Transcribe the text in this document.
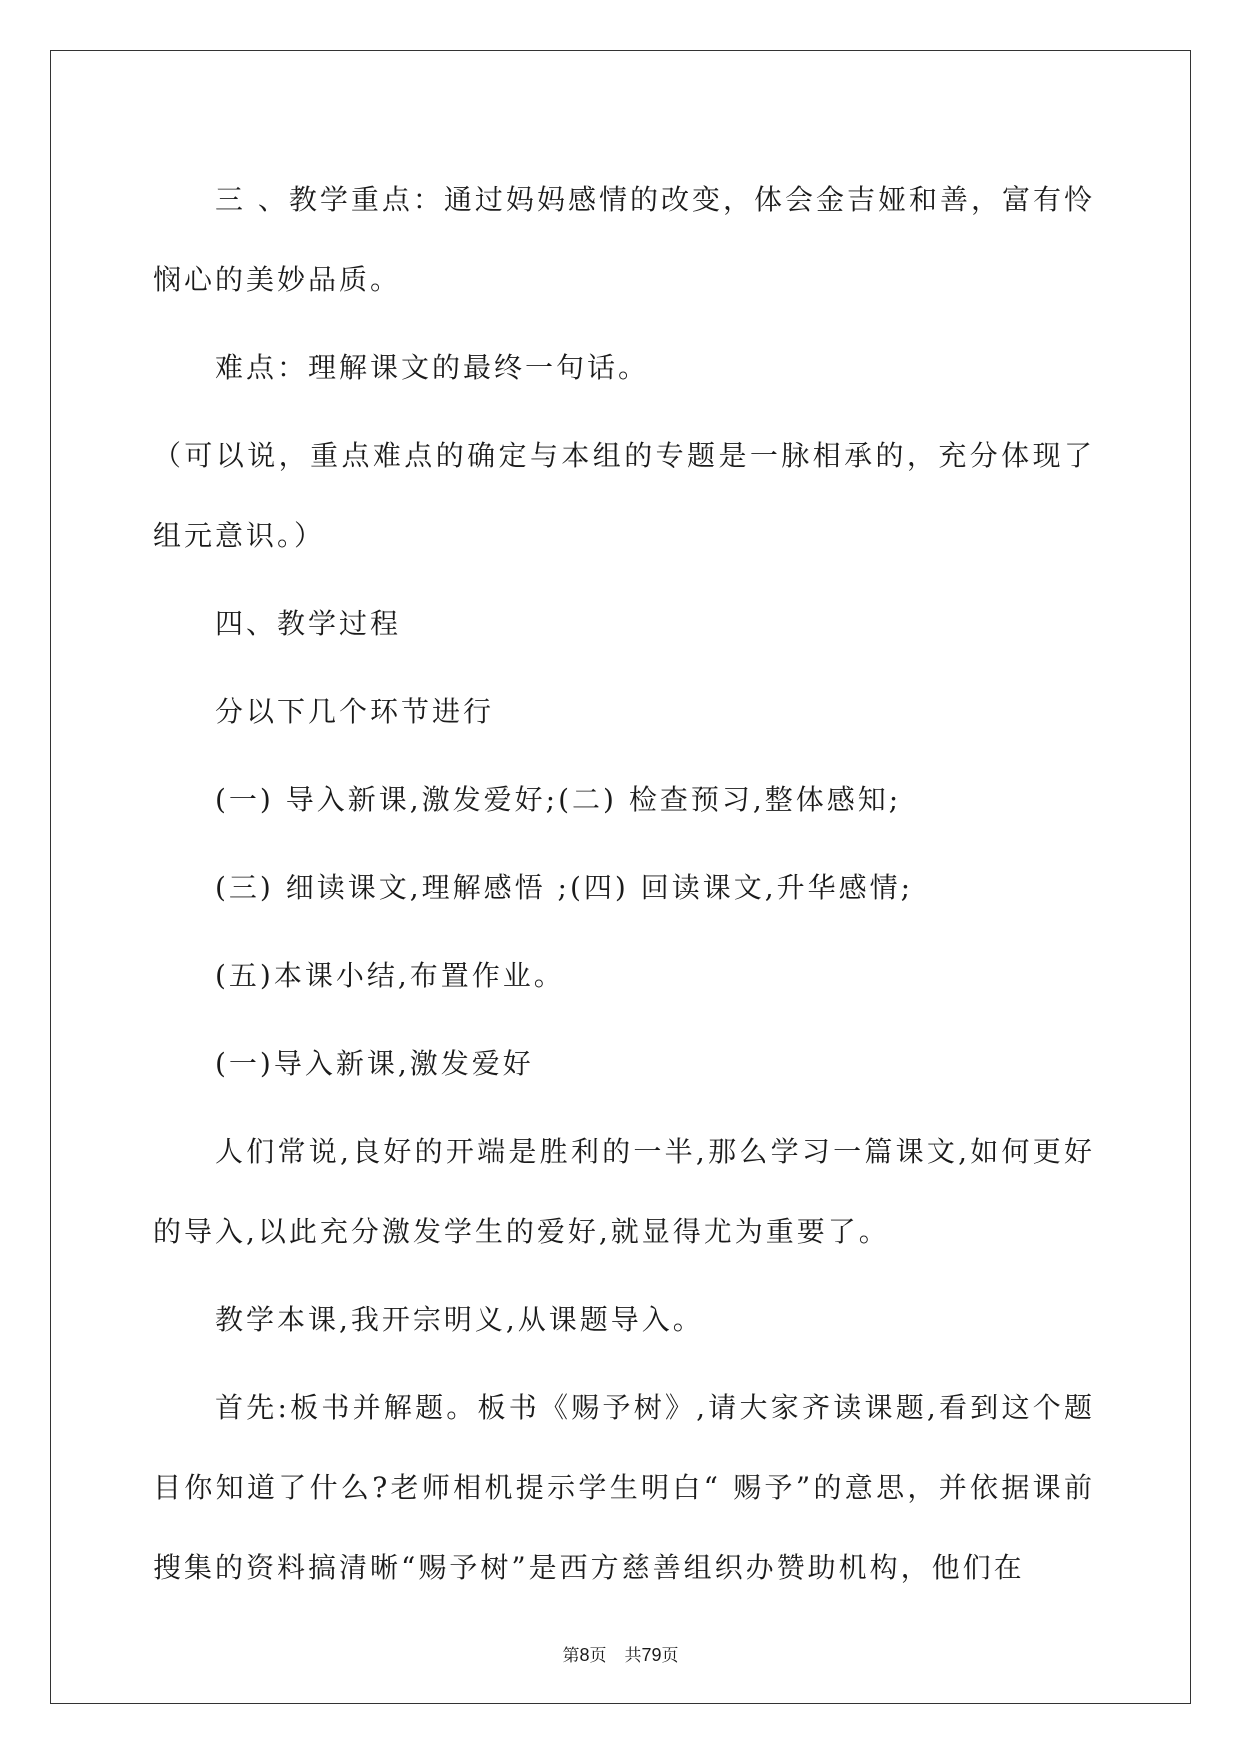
三 、教学重点：通过妈妈感情的改变，体会金吉娅和善，富有怜悯心的美妙品质。

难点：理解课文的最终一句话。

（可以说，重点难点的确定与本组的专题是一脉相承的，充分体现了组元意识。）

四、教学过程

分以下几个环节进行

(一) 导入新课,激发爱好;(二) 检查预习,整体感知;

(三) 细读课文,理解感悟 ;(四) 回读课文,升华感情;

(五)本课小结,布置作业。

(一)导入新课,激发爱好

人们常说,良好的开端是胜利的一半,那么学习一篇课文,如何更好的导入,以此充分激发学生的爱好,就显得尤为重要了。

教学本课,我开宗明义,从课题导入。

首先:板书并解题。板书《赐予树》,请大家齐读课题,看到这个题目你知道了什么?老师相机提示学生明白“ 赐予”的意思，并依据课前搜集的资料搞清晰“赐予树”是西方慈善组织办赞助机构，他们在

第8页 共79页
